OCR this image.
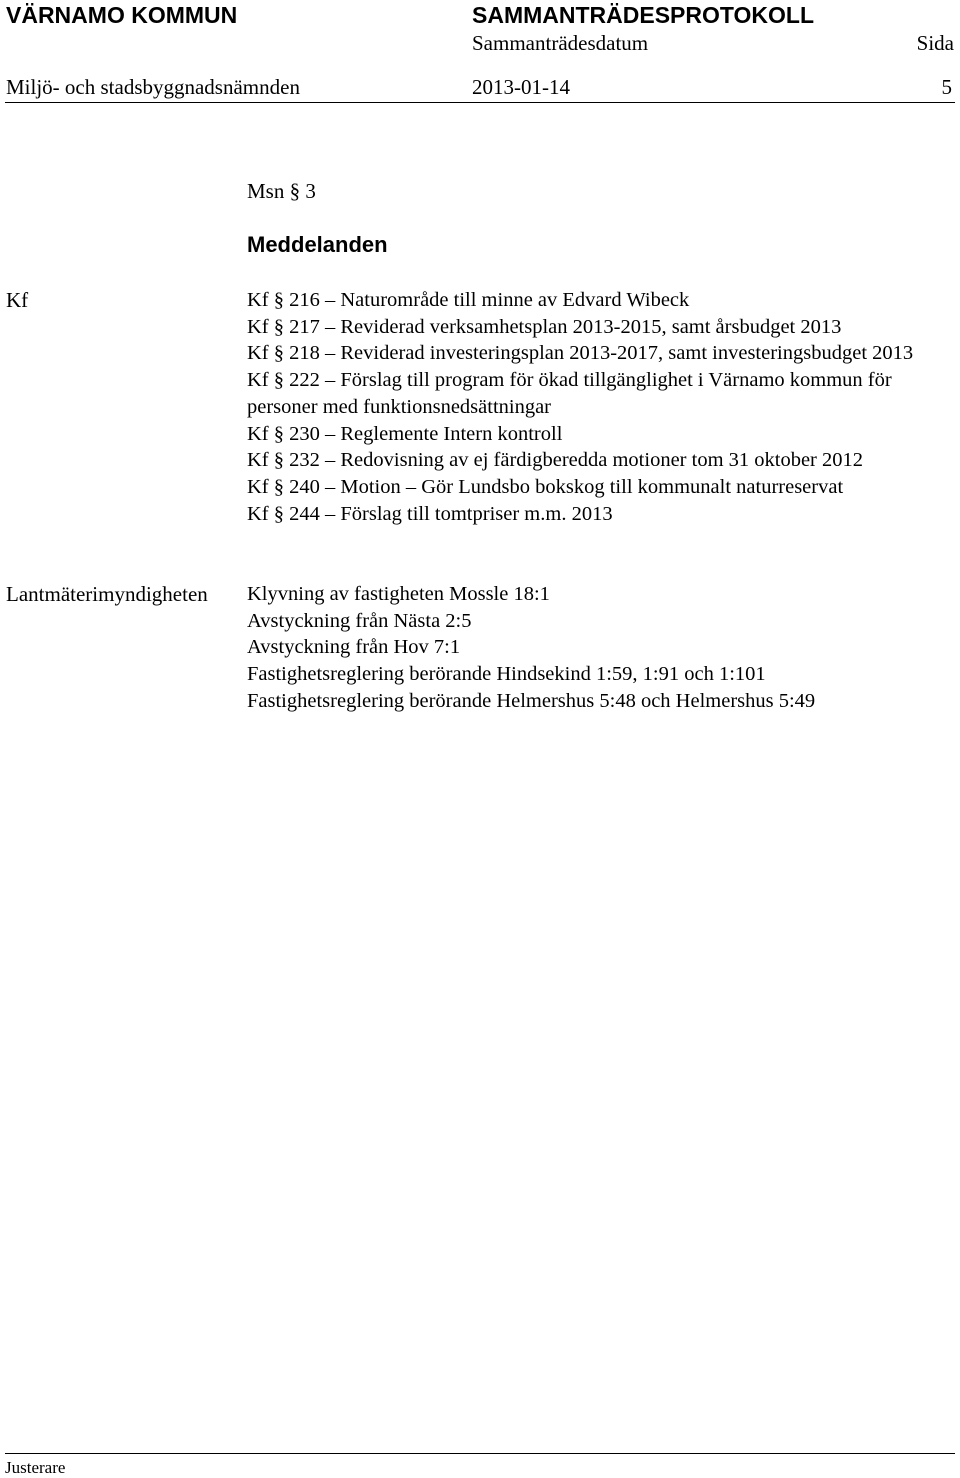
VÄRNAMO KOMMUN	SAMMANTRÄDESPROTOKOLL
Sammanträdesdatum	Sida
Miljö- och stadsbyggnadsnämnden	2013-01-14	5
Msn § 3
Meddelanden
Kf	Kf § 216 – Naturområde till minne av Edvard Wibeck
Kf § 217 – Reviderad verksamhetsplan 2013-2015, samt årsbudget 2013
Kf § 218 – Reviderad investeringsplan 2013-2017, samt investeringsbudget 2013
Kf § 222 – Förslag till program för ökad tillgänglighet i Värnamo kommun för personer med funktionsnedsättningar
Kf § 230 – Reglemente Intern kontroll
Kf § 232 – Redovisning av ej färdigberedda motioner tom 31 oktober 2012
Kf § 240 – Motion – Gör Lundsbo bokskog till kommunalt naturreservat
Kf § 244 – Förslag till tomtpriser m.m. 2013
Lantmäterimyndigheten Klyvning av fastigheten Mossle 18:1
Avstyckning från Nästa 2:5
Avstyckning från Hov 7:1
Fastighetsreglering berörande Hindsekind 1:59, 1:91 och 1:101
Fastighetsreglering berörande Helmershus 5:48 och Helmershus 5:49
Justerare
